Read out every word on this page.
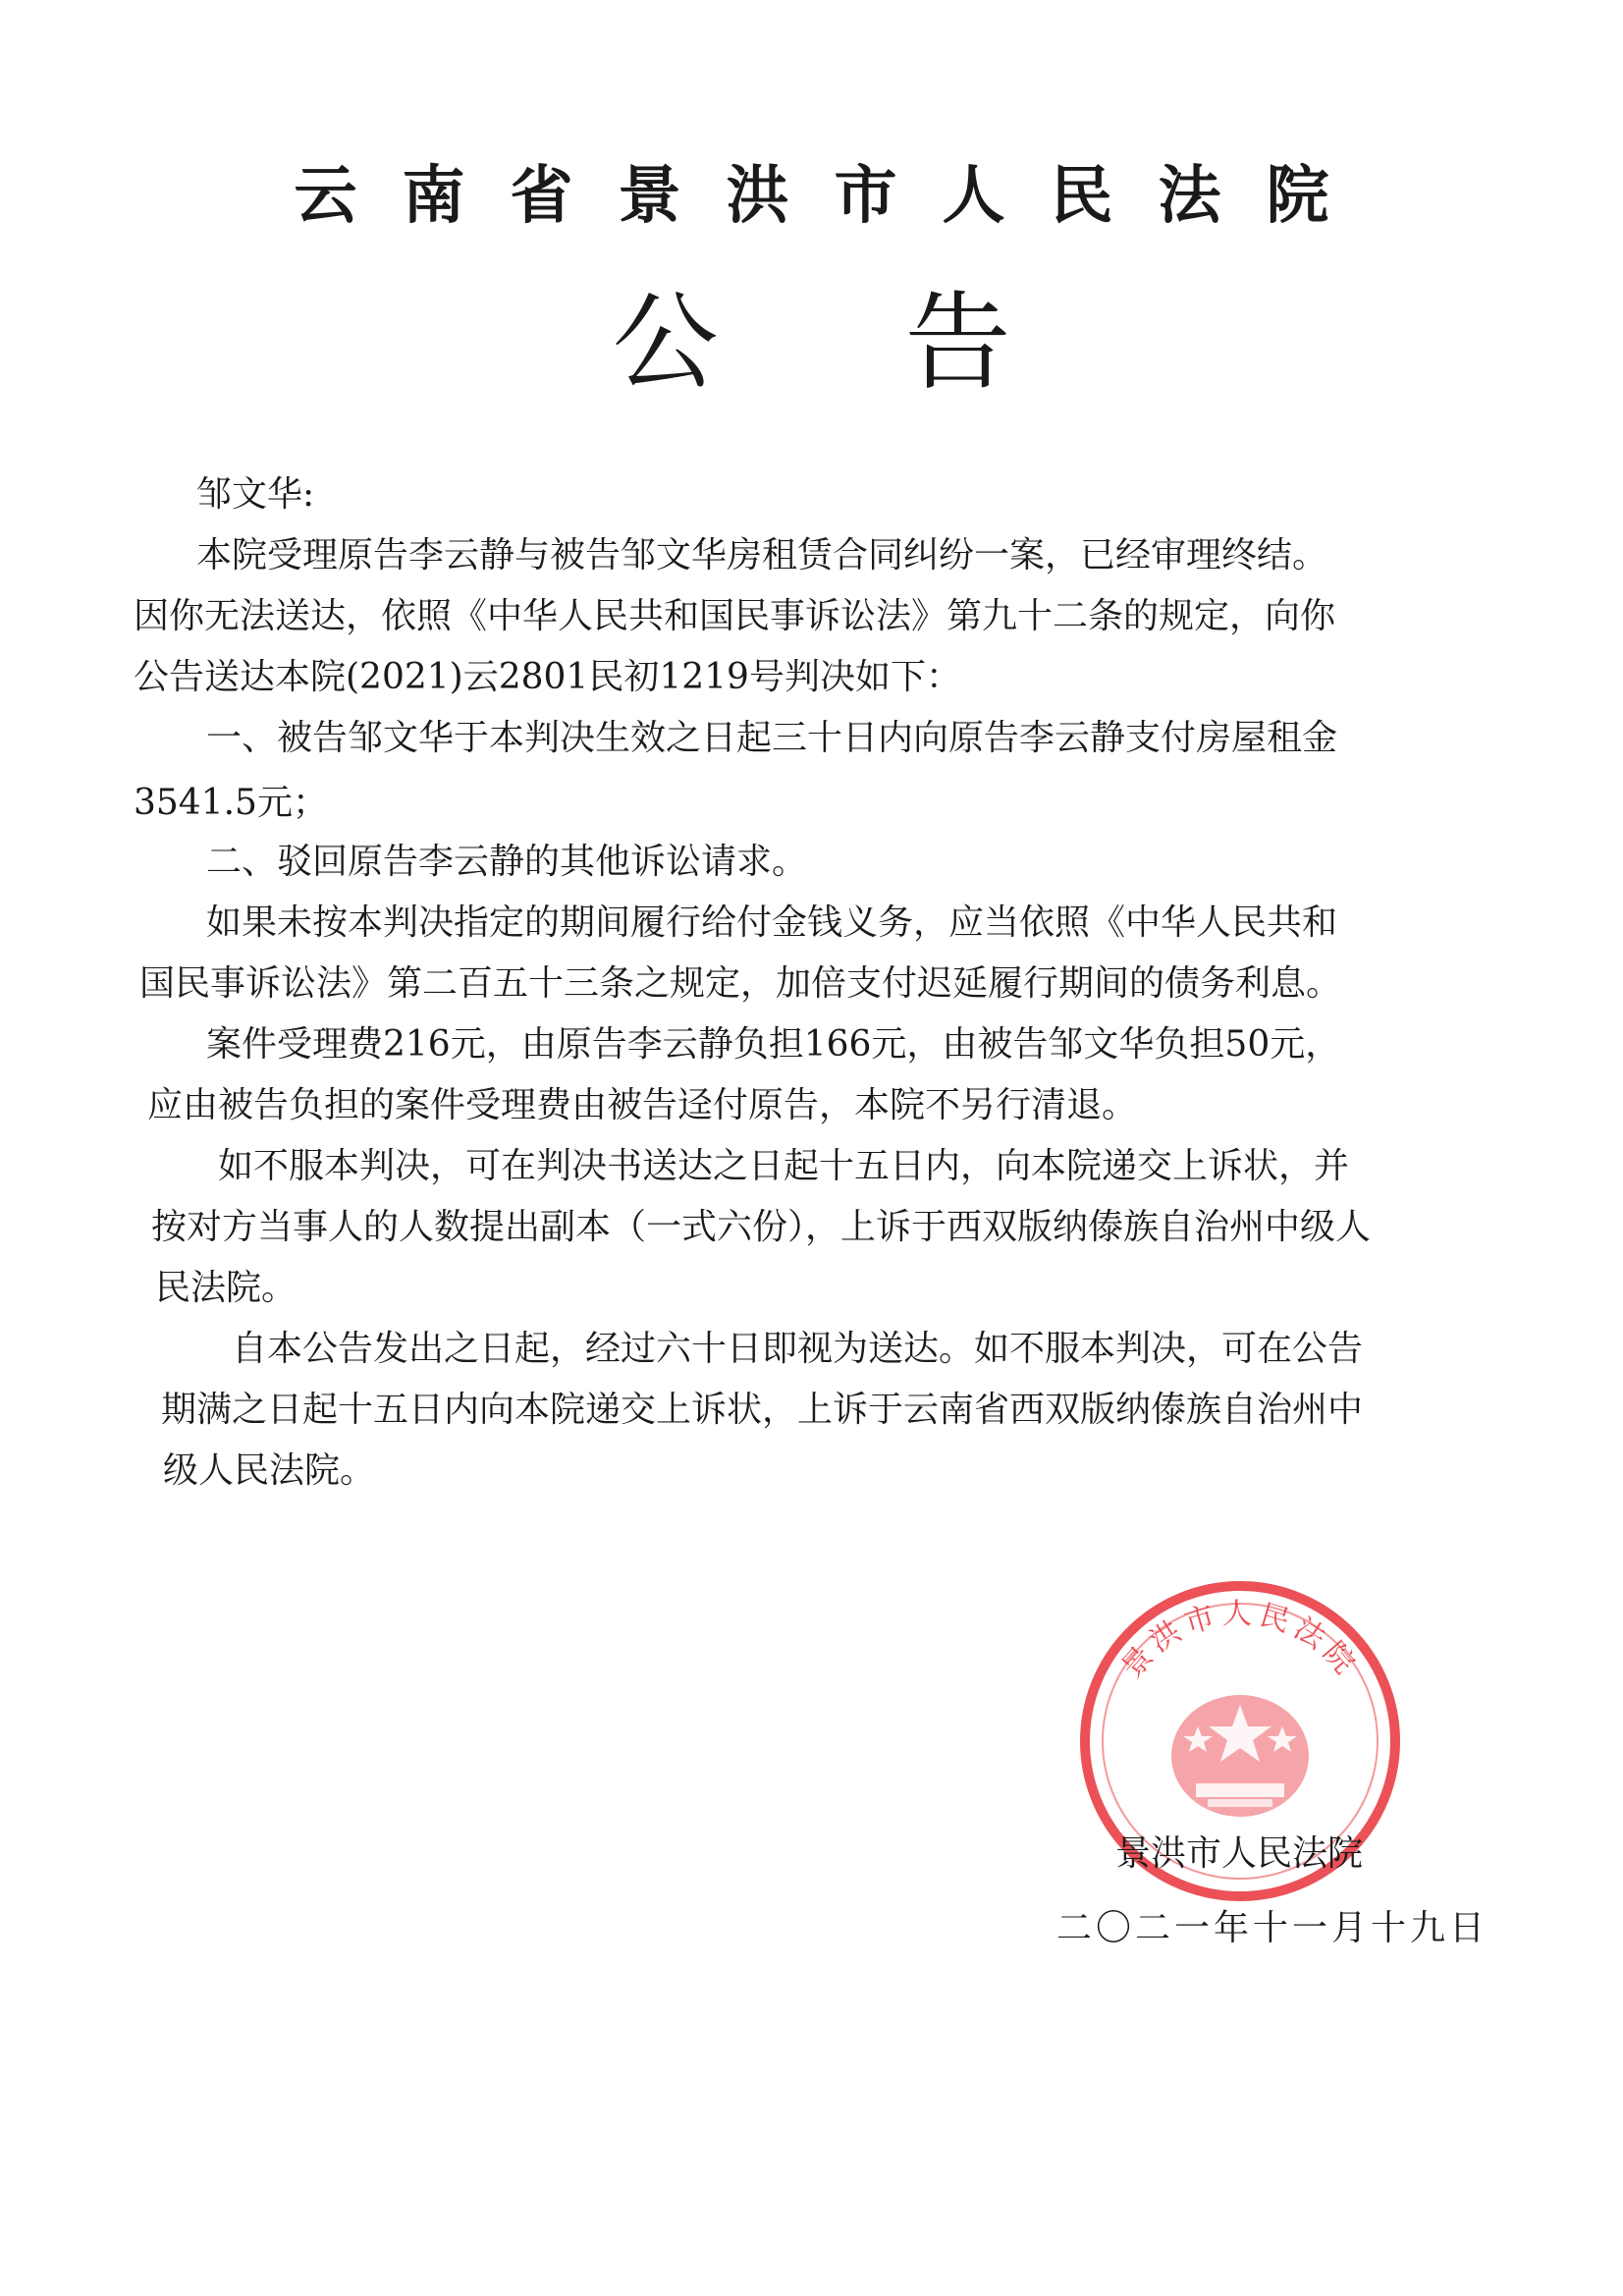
云南省景洪市人民法院
公告
邹文华:
本院受理原告李云静与被告邹文华房租赁合同纠纷一案，已经审理终结。
因你无法送达，依照《中华人民共和国民事诉讼法》第九十二条的规定，向你
公告送达本院(2021)云2801民初1219号判决如下：
一、被告邹文华于本判决生效之日起三十日内向原告李云静支付房屋租金
3541.5元；
二、驳回原告李云静的其他诉讼请求。
如果未按本判决指定的期间履行给付金钱义务，应当依照《中华人民共和
国民事诉讼法》第二百五十三条之规定，加倍支付迟延履行期间的债务利息。
案件受理费216元，由原告李云静负担166元，由被告邹文华负担50元，
应由被告负担的案件受理费由被告迳付原告，本院不另行清退。
如不服本判决，可在判决书送达之日起十五日内，向本院递交上诉状，并
按对方当事人的人数提出副本（一式六份），上诉于西双版纳傣族自治州中级人
民法院。
自本公告发出之日起，经过六十日即视为送达。如不服本判决，可在公告
期满之日起十五日内向本院递交上诉状，上诉于云南省西双版纳傣族自治州中
级人民法院。
景洪市人民法院
景洪市人民法院
二〇二一年十一月十九日
